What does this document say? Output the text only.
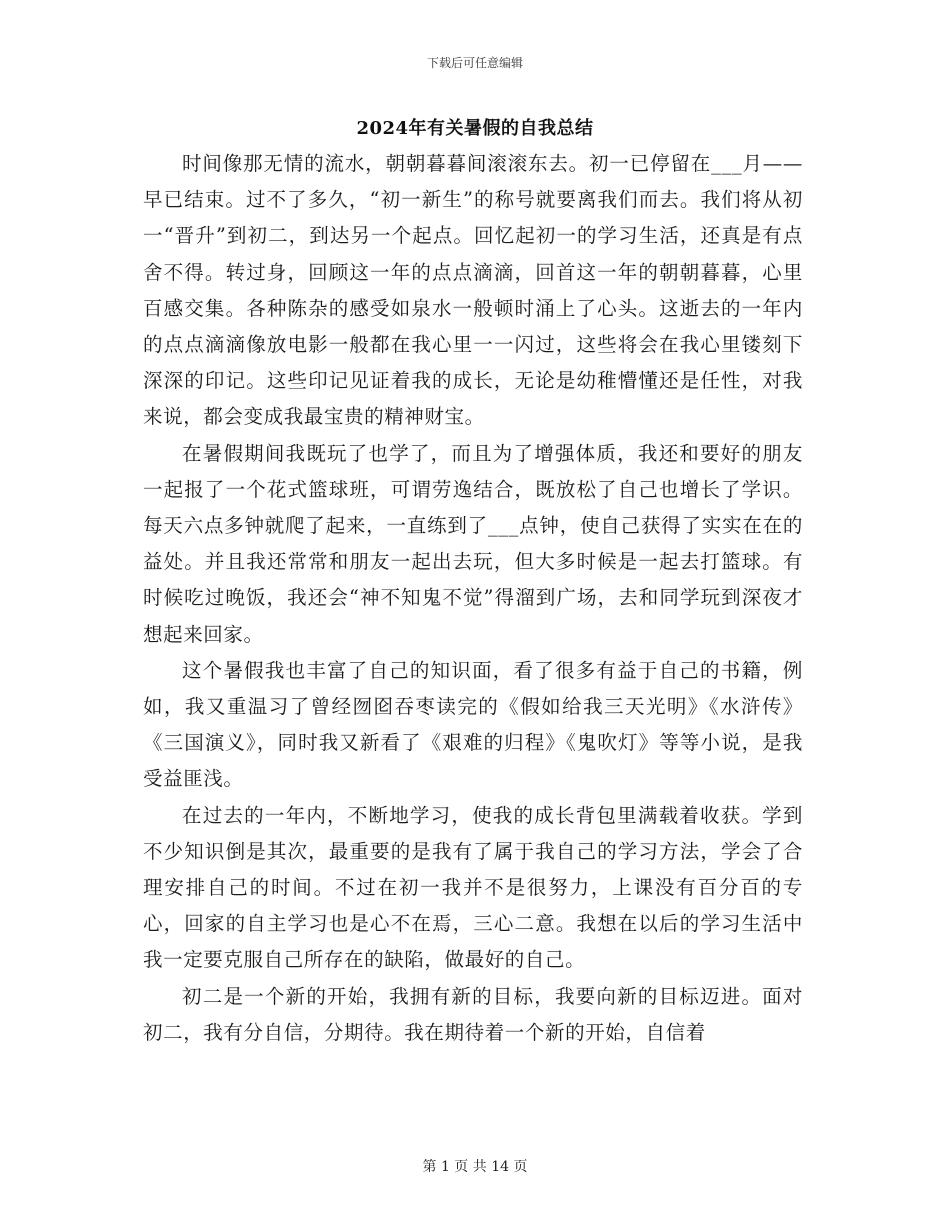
下载后可任意编辑
2024年有关暑假的自我总结

时间像那无情的流水，朝朝暮暮间滚滚东去。初一已停留在___月——早已结束。过不了多久，“初一新生”的称号就要离我们而去。我们将从初一“晋升”到初二，到达另一个起点。回忆起初一的学习生活，还真是有点舍不得。转过身，回顾这一年的点点滴滴，回首这一年的朝朝暮暮，心里百感交集。各种陈杂的感受如泉水一般顿时涌上了心头。这逝去的一年内的点点滴滴像放电影一般都在我心里一一闪过，这些将会在我心里镂刻下深深的印记。这些印记见证着我的成长，无论是幼稚懵懂还是任性，对我来说，都会变成我最宝贵的精神财宝。

在暑假期间我既玩了也学了，而且为了增强体质，我还和要好的朋友一起报了一个花式篮球班，可谓劳逸结合，既放松了自己也增长了学识。每天六点多钟就爬了起来，一直练到了___点钟，使自己获得了实实在在的益处。并且我还常常和朋友一起出去玩，但大多时候是一起去打篮球。有时候吃过晚饭，我还会“神不知鬼不觉”得溜到广场，去和同学玩到深夜才想起来回家。

这个暑假我也丰富了自己的知识面，看了很多有益于自己的书籍，例如，我又重温习了曾经囫囵吞枣读完的《假如给我三天光明》《水浒传》《三国演义》，同时我又新看了《艰难的归程》《鬼吹灯》等等小说，是我受益匪浅。

在过去的一年内，不断地学习，使我的成长背包里满载着收获。学到不少知识倒是其次，最重要的是我有了属于我自己的学习方法，学会了合理安排自己的时间。不过在初一我并不是很努力，上课没有百分百的专心，回家的自主学习也是心不在焉，三心二意。我想在以后的学习生活中我一定要克服自己所存在的缺陷，做最好的自己。

初二是一个新的开始，我拥有新的目标，我要向新的目标迈进。面对初二，我有分自信，分期待。我在期待着一个新的开始，自信着

第 1 页 共 14 页
